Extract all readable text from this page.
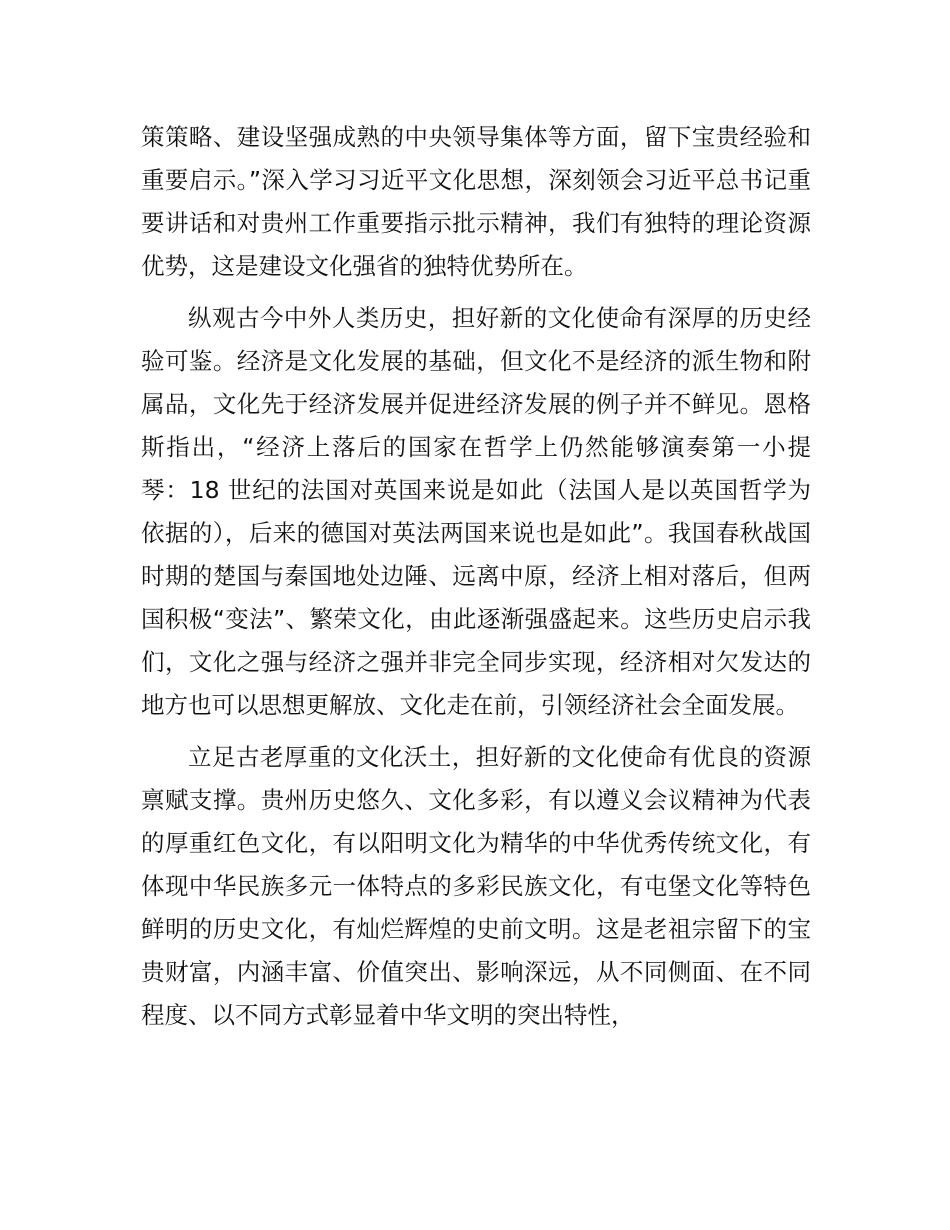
策策略、建设坚强成熟的中央领导集体等方面，留下宝贵经验和重要启示。”深入学习习近平文化思想，深刻领会习近平总书记重要讲话和对贵州工作重要指示批示精神，我们有独特的理论资源优势，这是建设文化强省的独特优势所在。

纵观古今中外人类历史，担好新的文化使命有深厚的历史经验可鉴。经济是文化发展的基础，但文化不是经济的派生物和附属品，文化先于经济发展并促进经济发展的例子并不鲜见。恩格斯指出，“经济上落后的国家在哲学上仍然能够演奏第一小提琴：18 世纪的法国对英国来说是如此（法国人是以英国哲学为依据的），后来的德国对英法两国来说也是如此”。我国春秋战国时期的楚国与秦国地处边陲、远离中原，经济上相对落后，但两国积极“变法”、繁荣文化，由此逐渐强盛起来。这些历史启示我们，文化之强与经济之强并非完全同步实现，经济相对欠发达的地方也可以思想更解放、文化走在前，引领经济社会全面发展。

立足古老厚重的文化沃土，担好新的文化使命有优良的资源禀赋支撑。贵州历史悠久、文化多彩，有以遵义会议精神为代表的厚重红色文化，有以阳明文化为精华的中华优秀传统文化，有体现中华民族多元一体特点的多彩民族文化，有屯堡文化等特色鲜明的历史文化，有灿烂辉煌的史前文明。这是老祖宗留下的宝贵财富，内涵丰富、价值突出、影响深远，从不同侧面、在不同程度、以不同方式彰显着中华文明的突出特性，
